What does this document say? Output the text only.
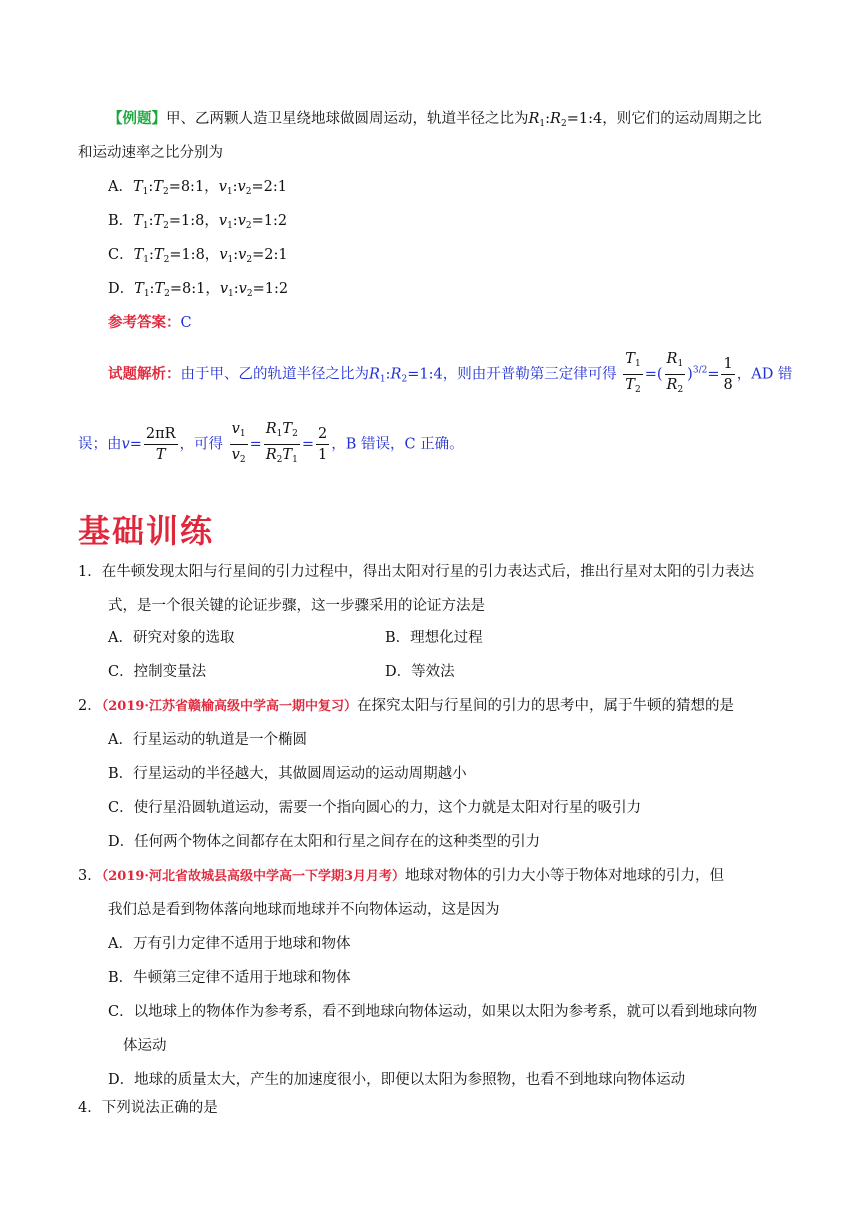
【例题】甲、乙两颗人造卫星绕地球做圆周运动，轨道半径之比为$R_1:R_2=1:4$，则它们的运动周期之比
和运动速率之比分别为
A．$T_1:T_2=8:1$，$v_1:v_2=2:1$
B．$T_1:T_2=1:8$，$v_1:v_2=1:2$
C．$T_1:T_2=1:8$，$v_1:v_2=2:1$
D．$T_1:T_2=8:1$，$v_1:v_2=1:2$
参考答案：C
试题解析：由于甲、乙的轨道半径之比为$R_1:R_2=1:4$，则由开普勒第三定律可得 $\frac{T_1}{T_2}$ =( $\frac{R_1}{R_2} )^{3/2}= \frac{1}{8}$ ，AD 错
误；由$v= \frac{2\pi R}{T}$ ，可得 $\frac{v_1}{v_2} = \frac{R_1T_2}{R_2T_1} = \frac{2}{1}$ ，B 错误，C 正确。
基础训练
1．在牛顿发现太阳与行星间的引力过程中，得出太阳对行星的引力表达式后，推出行星对太阳的引力表达
式，是一个很关键的论证步骤，这一步骤采用的论证方法是
A．研究对象的选取	B．理想化过程
C．控制变量法	D．等效法
2．（2019·江苏省赣榆高级中学高一期中复习）在探究太阳与行星间的引力的思考中，属于牛顿的猜想的是
A．行星运动的轨道是一个椭圆
B．行星运动的半径越大，其做圆周运动的运动周期越小
C．使行星沿圆轨道运动，需要一个指向圆心的力，这个力就是太阳对行星的吸引力
D．任何两个物体之间都存在太阳和行星之间存在的这种类型的引力
3．（2019·河北省故城县高级中学高一下学期3月月考）地球对物体的引力大小等于物体对地球的引力，但
我们总是看到物体落向地球而地球并不向物体运动，这是因为
A．万有引力定律不适用于地球和物体
B．牛顿第三定律不适用于地球和物体
C．以地球上的物体作为参考系，看不到地球向物体运动，如果以太阳为参考系，就可以看到地球向物
体运动
D．地球的质量太大，产生的加速度很小，即便以太阳为参照物，也看不到地球向物体运动
4．下列说法正确的是
